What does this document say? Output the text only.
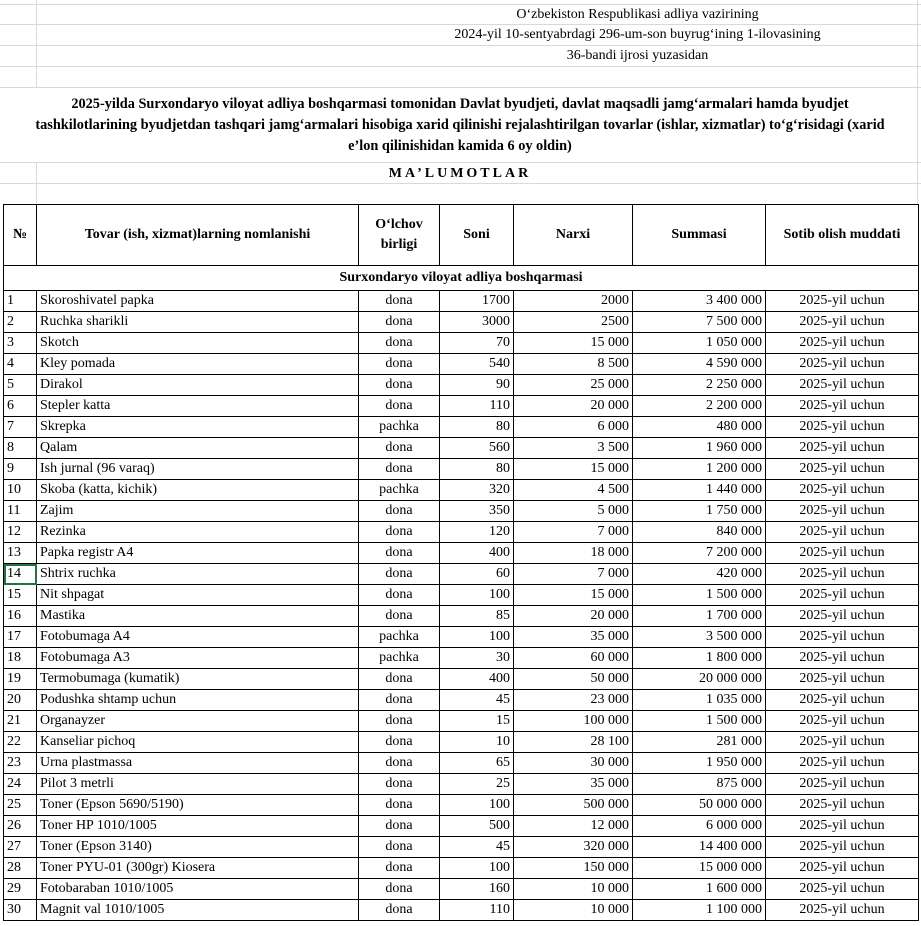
O‘zbekiston Respublikasi adliya vazirining
2024-yil 10-sentyabrdagi 296-um-son buyrug‘ining 1-ilovasining
36-bandi ijrosi yuzasidan
2025-yilda Surxondaryo viloyat adliya boshqarmasi tomonidan Davlat byudjeti, davlat maqsadli jamg‘armalari hamda byudjet tashkilotlarining byudjetdan tashqari jamg‘armalari hisobiga xarid qilinishi rejalashtirilgan tovarlar (ishlar, xizmatlar) to‘g‘risidagi (xarid e’lon qilinishidan kamida 6 oy oldin)
MA’LUMOTLAR
№	Tovar (ish, xizmat)larning nomlanishi	O‘lchov birligi	Soni	Narxi	Summasi	Sotib olish muddati
Surxondaryo viloyat adliya boshqarmasi						
1	Skoroshivatel papka	dona	1700	2000	3 400 000	2025-yil uchun
2	Ruchka sharikli	dona	3000	2500	7 500 000	2025-yil uchun
3	Skotch	dona	70	15 000	1 050 000	2025-yil uchun
4	Kley pomada	dona	540	8 500	4 590 000	2025-yil uchun
5	Dirakol	dona	90	25 000	2 250 000	2025-yil uchun
6	Stepler katta	dona	110	20 000	2 200 000	2025-yil uchun
7	Skrepka	pachka	80	6 000	480 000	2025-yil uchun
8	Qalam	dona	560	3 500	1 960 000	2025-yil uchun
9	Ish jurnal (96 varaq)	dona	80	15 000	1 200 000	2025-yil uchun
10	Skoba (katta, kichik)	pachka	320	4 500	1 440 000	2025-yil uchun
11	Zajim	dona	350	5 000	1 750 000	2025-yil uchun
12	Rezinka	dona	120	7 000	840 000	2025-yil uchun
13	Papka registr A4	dona	400	18 000	7 200 000	2025-yil uchun
14	Shtrix ruchka	dona	60	7 000	420 000	2025-yil uchun
15	Nit shpagat	dona	100	15 000	1 500 000	2025-yil uchun
16	Mastika	dona	85	20 000	1 700 000	2025-yil uchun
17	Fotobumaga A4	pachka	100	35 000	3 500 000	2025-yil uchun
18	Fotobumaga A3	pachka	30	60 000	1 800 000	2025-yil uchun
19	Termobumaga (kumatik)	dona	400	50 000	20 000 000	2025-yil uchun
20	Podushka shtamp uchun	dona	45	23 000	1 035 000	2025-yil uchun
21	Organayzer	dona	15	100 000	1 500 000	2025-yil uchun
22	Kanseliar pichoq	dona	10	28 100	281 000	2025-yil uchun
23	Urna plastmassa	dona	65	30 000	1 950 000	2025-yil uchun
24	Pilot 3 metrli	dona	25	35 000	875 000	2025-yil uchun
25	Toner (Epson 5690/5190)	dona	100	500 000	50 000 000	2025-yil uchun
26	Toner HP 1010/1005	dona	500	12 000	6 000 000	2025-yil uchun
27	Toner (Epson 3140)	dona	45	320 000	14 400 000	2025-yil uchun
28	Toner PYU-01 (300gr) Kiosera	dona	100	150 000	15 000 000	2025-yil uchun
29	Fotobaraban 1010/1005	dona	160	10 000	1 600 000	2025-yil uchun
30	Magnit val 1010/1005	dona	110	10 000	1 100 000	2025-yil uchun
